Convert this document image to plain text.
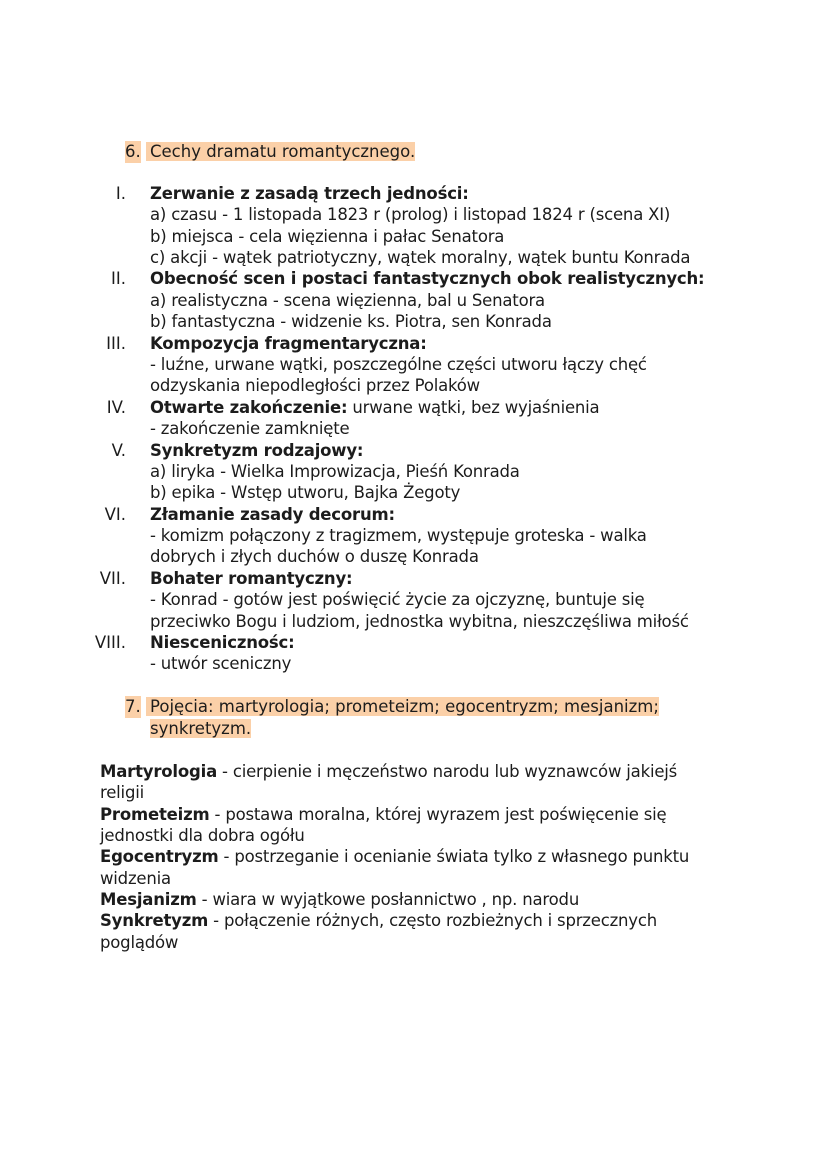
6. Cechy dramatu romantycznego.
I. Zerwanie z zasadą trzech jedności:
a) czasu - 1 listopada 1823 r (prolog) i listopad 1824 r (scena XI)
b) miejsca - cela więzienna i pałac Senatora
c) akcji - wątek patriotyczny, wątek moralny, wątek buntu Konrada
II. Obecność scen i postaci fantastycznych obok realistycznych:
a) realistyczna - scena więzienna, bal u Senatora
b) fantastyczna - widzenie ks. Piotra, sen Konrada
III. Kompozycja fragmentaryczna:
- luźne, urwane wątki, poszczególne części utworu łączy chęć
odzyskania niepodległości przez Polaków
IV. Otwarte zakończenie: urwane wątki, bez wyjaśnienia
- zakończenie zamknięte
V. Synkretyzm rodzajowy:
a) liryka - Wielka Improwizacja, Pieśń Konrada
b) epika - Wstęp utworu, Bajka Żegoty
VI. Złamanie zasady decorum:
- komizm połączony z tragizmem, występuje groteska - walka
dobrych i złych duchów o duszę Konrada
VII. Bohater romantyczny:
- Konrad - gotów jest poświęcić życie za ojczyznę, buntuje się
przeciwko Bogu i ludziom, jednostka wybitna, nieszczęśliwa miłość
VIII. Niescenicznośc:
- utwór sceniczny
7. Pojęcia: martyrologia; prometeizm; egocentryzm; mesjanizm;
synkretyzm.
Martyrologia - cierpienie i męczeństwo narodu lub wyznawców jakiejś
religii
Prometeizm - postawa moralna, której wyrazem jest poświęcenie się
jednostki dla dobra ogółu
Egocentryzm - postrzeganie i ocenianie świata tylko z własnego punktu
widzenia
Mesjanizm - wiara w wyjątkowe posłannictwo , np. narodu
Synkretyzm - połączenie różnych, często rozbieżnych i sprzecznych
poglądów
